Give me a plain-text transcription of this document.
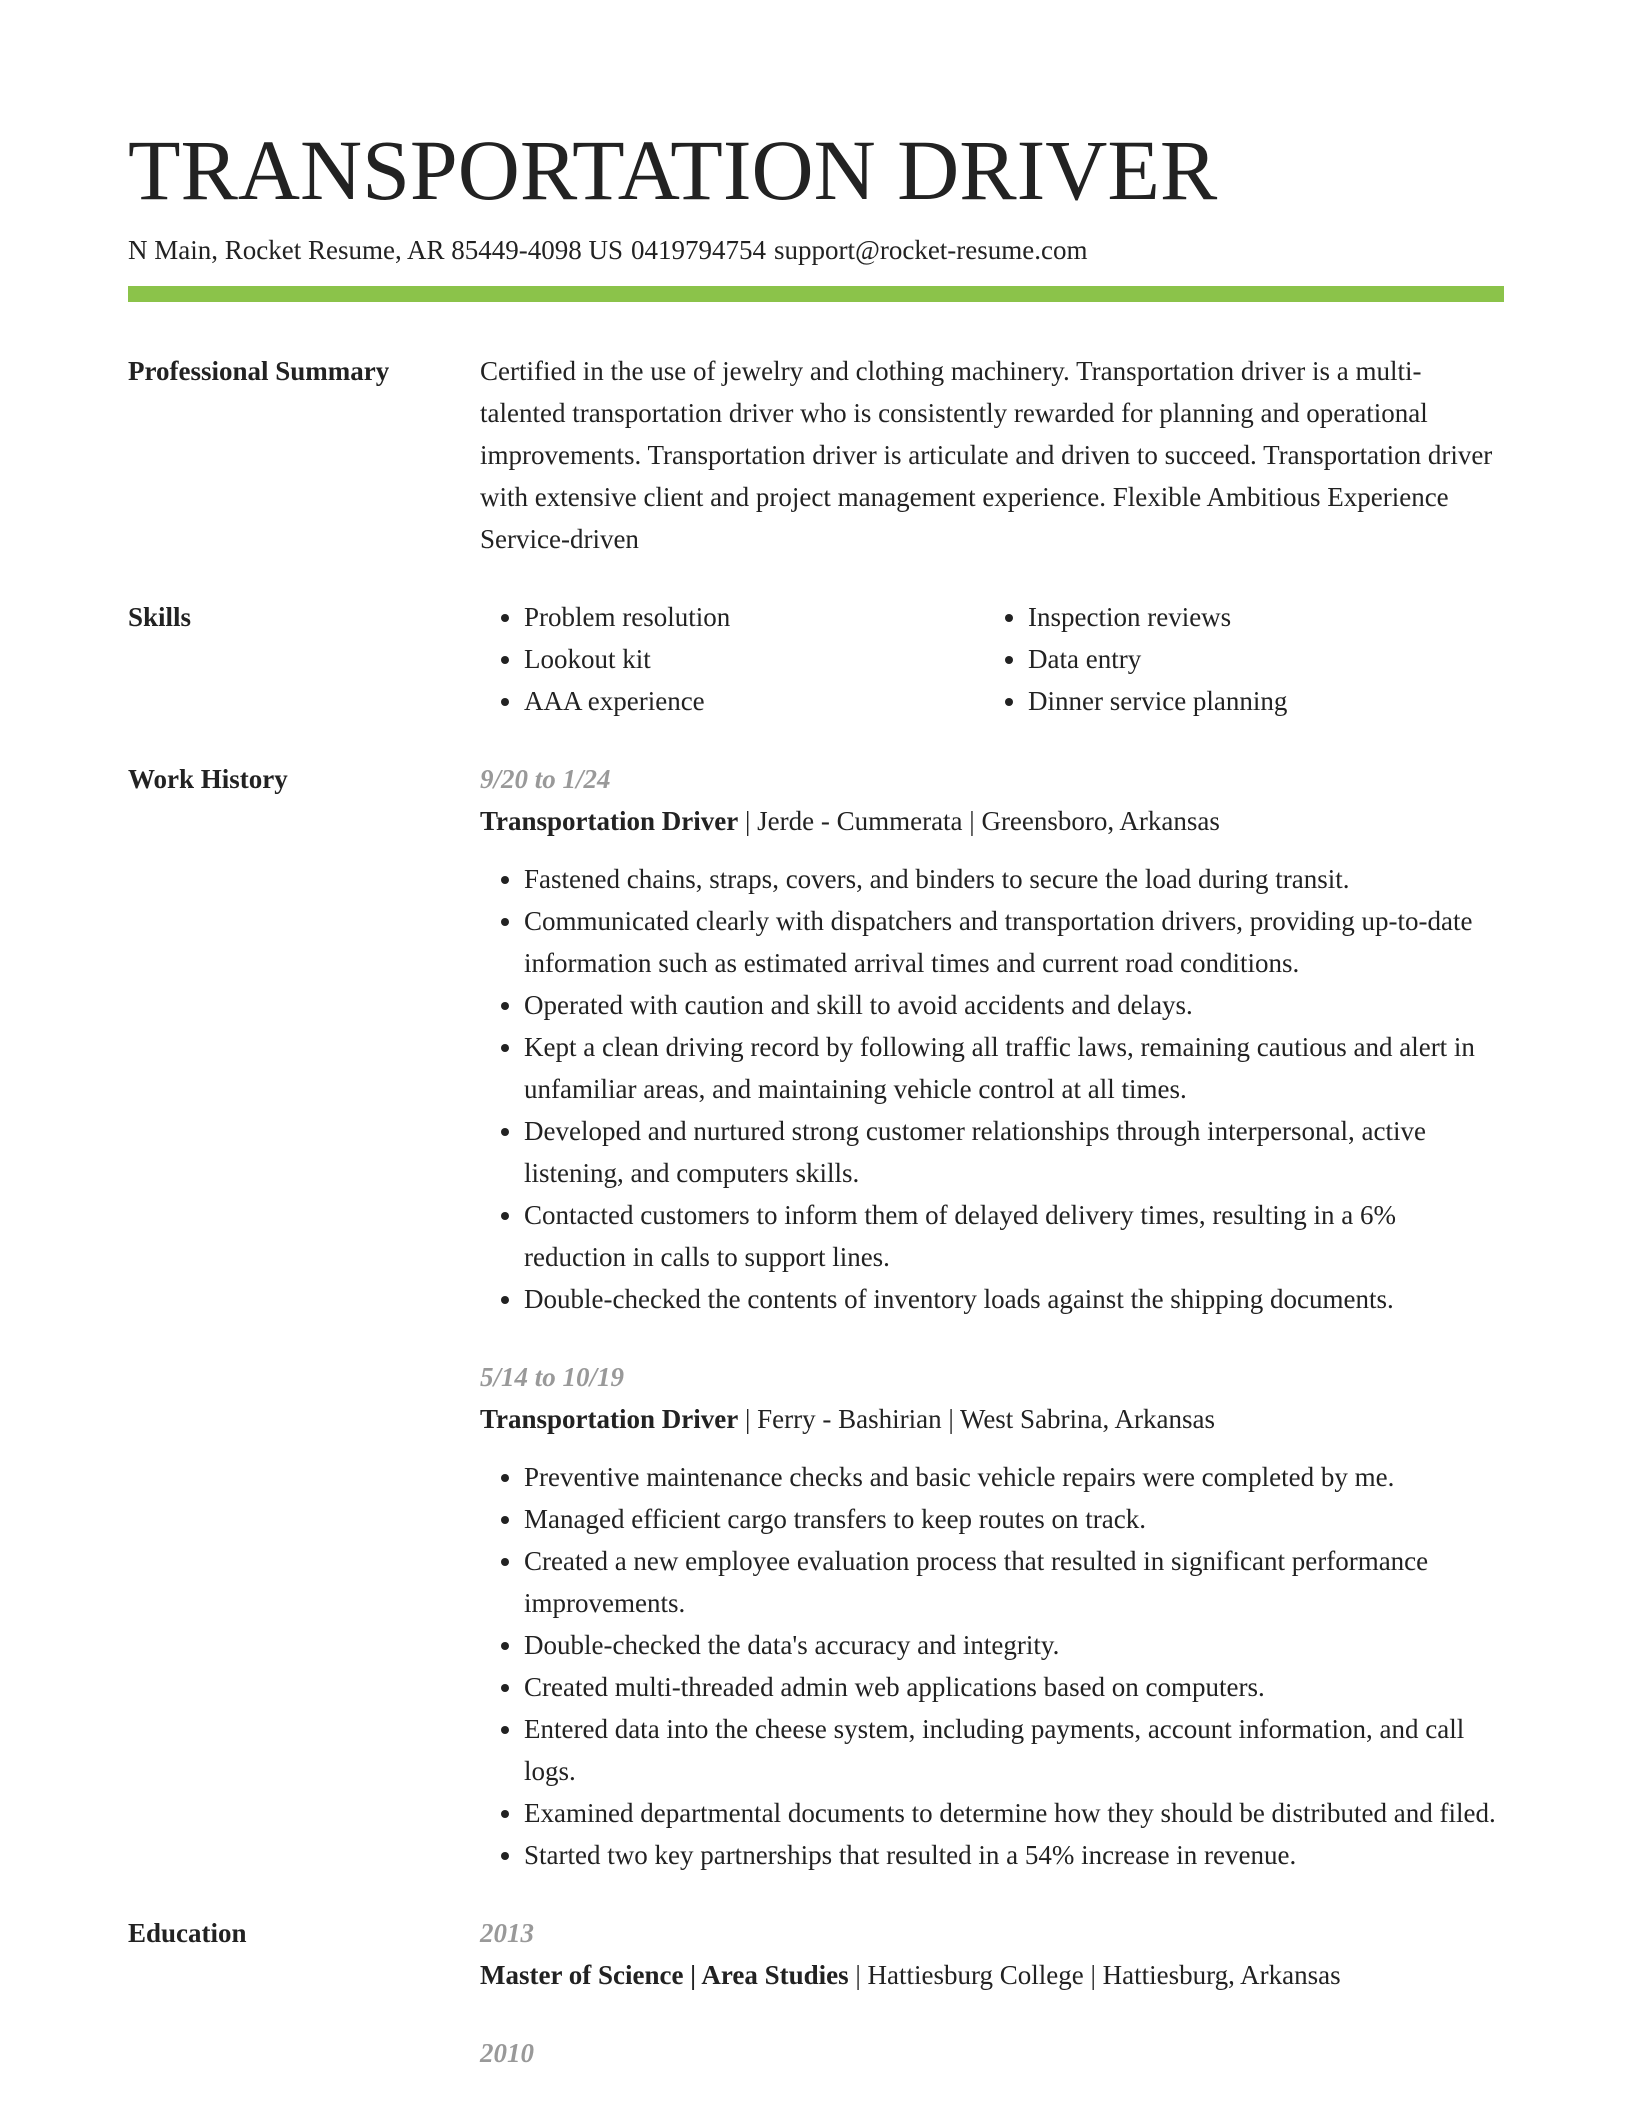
TRANSPORTATION DRIVER
N Main, Rocket Resume, AR 85449-4098 US 0419794754 support@rocket-resume.com
Professional Summary	Certified in the use of jewelry and clothing machinery. Transportation driver is a multi-talented transportation driver who is consistently rewarded for planning and operational improvements. Transportation driver is articulate and driven to succeed. Transportation driver with extensive client and project management experience. Flexible Ambitious Experience Service-driven

Skills
•	Problem resolution
• Lookout kit
• AAA experience
• Inspection reviews
• Data entry
• Dinner service planning
Work History	9/20 to 1/24
Transportation Driver | Jerde - Cummerata | Greensboro, Arkansas
• Fastened chains, straps, covers, and binders to secure the load during transit.
• Communicated clearly with dispatchers and transportation drivers, providing up-to-date information such as estimated arrival times and current road conditions.
• Operated with caution and skill to avoid accidents and delays.
• Kept a clean driving record by following all traffic laws, remaining cautious and alert in unfamiliar areas, and maintaining vehicle control at all times.
• Developed and nurtured strong customer relationships through interpersonal, active listening, and computers skills.
• Contacted customers to inform them of delayed delivery times, resulting in a 6% reduction in calls to support lines.
• Double-checked the contents of inventory loads against the shipping documents.
5/14 to 10/19
Transportation Driver | Ferry - Bashirian | West Sabrina, Arkansas
• Preventive maintenance checks and basic vehicle repairs were completed by me.
• Managed efficient cargo transfers to keep routes on track.
• Created a new employee evaluation process that resulted in significant performance improvements.
• Double-checked the data's accuracy and integrity.
• Created multi-threaded admin web applications based on computers.
• Entered data into the cheese system, including payments, account information, and call logs.
• Examined departmental documents to determine how they should be distributed and filed.
• Started two key partnerships that resulted in a 54% increase in revenue.
Education	2013
Master of Science | Area Studies | Hattiesburg College | Hattiesburg, Arkansas
2010
